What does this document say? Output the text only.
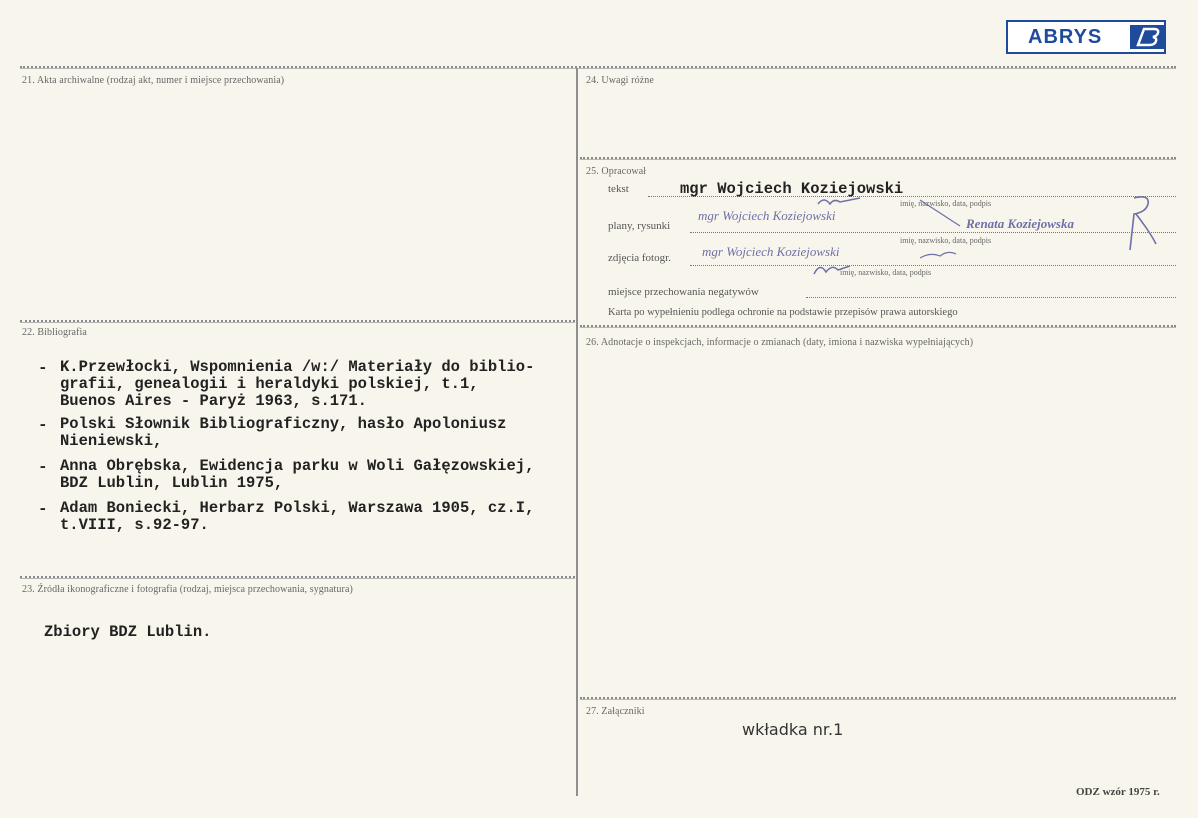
ABRYS
21. Akta archiwalne (rodzaj akt, numer i miejsce przechowania)
22. Bibliografia
- K.Przewłocki, Wspomnienia /w:/ Materiały do biblio-
grafii, genealogii i heraldyki polskiej, t.1,
Buenos Aires - Paryż 1963, s.171.
- Polski Słownik Bibliograficzny, hasło Apoloniusz
Nieniewski,
- Anna Obrębska, Ewidencja parku w Woli Gałęzowskiej,
BDZ Lublin, Lublin 1975,
- Adam Boniecki, Herbarz Polski, Warszawa 1905, cz.I,
t.VIII, s.92-97.
23. Źródła ikonograficzne i fotografia (rodzaj, miejsca przechowania, sygnatura)
Zbiory BDZ Lublin.
24. Uwagi różne
25. Opracował
tekst	mgr Wojciech Koziejowski
imię, nazwisko, data, podpis
plany, rysunki
mgr Wojciech Koziejowski
Renata Koziejowska
imię, nazwisko, data, podpis
zdjęcia fotogr. mgr Wojciech Koziejowski
imię, nazwisko, data, podpis
miejsce przechowania negatywów
Karta po wypełnieniu podlega ochronie na podstawie przepisów prawa autorskiego
26. Adnotacje o inspekcjach, informacje o zmianach (daty, imiona i nazwiska wypełniających)
27. Załączniki
wkładka nr.1
ODZ wzór 1975 r.
